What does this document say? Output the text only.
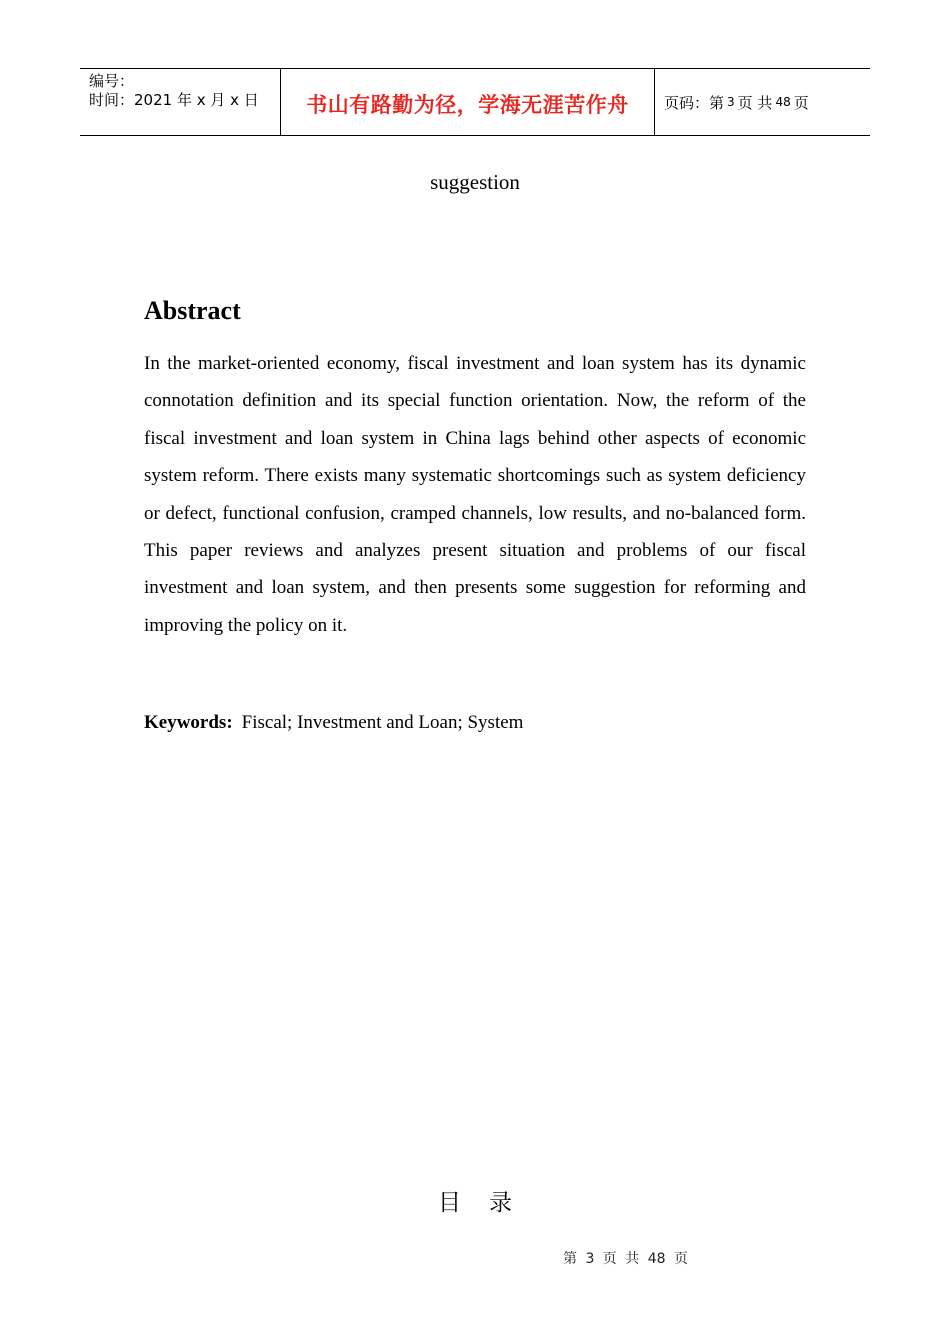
编号：
时间：2021 年 x 月 x 日	书山有路勤为径，学海无涯苦作舟 页码：第 3 页 共 48 页
suggestion
Abstract

In the market-oriented economy, fiscal investment and loan system has its dynamic connotation definition and its special function orientation. Now, the reform of the fiscal investment and loan system in China lags behind other aspects of economic system reform. There exists many systematic shortcomings such as system deficiency or defect, functional confusion, cramped channels, low results, and no-balanced form. This paper reviews and analyzes present situation and problems of our fiscal investment and loan system, and then presents some suggestion for reforming and improving the policy on it.

Keywords: Fiscal; Investment and Loan; System
目录
第 3 页 共 48 页
